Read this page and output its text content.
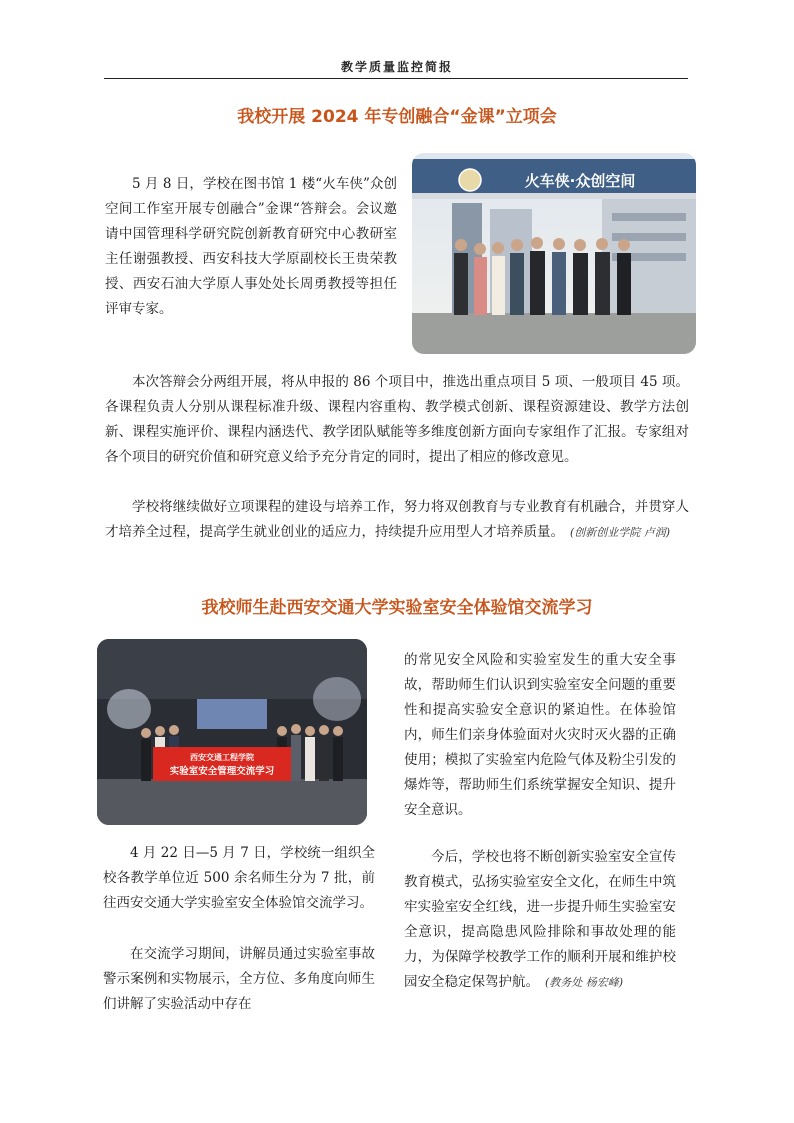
教学质量监控简报
我校开展 2024 年专创融合“金课”立项会

5 月 8 日，学校在图书馆 1 楼“火车侠”众创空间工作室开展专创融合”金课“答辩会。会议邀请中国管理科学研究院创新教育研究中心教研室主任谢强教授、西安科技大学原副校长王贵荣教授、西安石油大学原人事处处长周勇教授等担任评审专家。

火车侠·众创空间

本次答辩会分两组开展，将从申报的 86 个项目中，推选出重点项目 5 项、一般项目 45 项。各课程负责人分别从课程标准升级、课程内容重构、教学模式创新、课程资源建设、教学方法创新、课程实施评价、课程内涵迭代、教学团队赋能等多维度创新方面向专家组作了汇报。专家组对各个项目的研究价值和研究意义给予充分肯定的同时，提出了相应的修改意见。

学校将继续做好立项课程的建设与培养工作，努力将双创教育与专业教育有机融合，并贯穿人才培养全过程，提高学生就业创业的适应力，持续提升应用型人才培养质量。 (创新创业学院 卢润)

我校师生赴西安交通大学实验室安全体验馆交流学习
西安交通工程学院
实验室安全管理交流学习

4 月 22 日—5 月 7 日，学校统一组织全校各教学单位近 500 余名师生分为 7 批，前往西安交通大学实验室安全体验馆交流学习。

在交流学习期间，讲解员通过实验室事故警示案例和实物展示，全方位、多角度向师生们讲解了实验活动中存在

的常见安全风险和实验室发生的重大安全事故，帮助师生们认识到实验室安全问题的重要性和提高实验安全意识的紧迫性。在体验馆内，师生们亲身体验面对火灾时灭火器的正确使用；模拟了实验室内危险气体及粉尘引发的爆炸等，帮助师生们系统掌握安全知识、提升安全意识。

今后，学校也将不断创新实验室安全宣传教育模式，弘扬实验室安全文化，在师生中筑牢实验室安全红线，进一步提升师生实验室安全意识，提高隐患风险排除和事故处理的能力，为保障学校教学工作的顺利开展和维护校园安全稳定保驾护航。 (教务处 杨宏峰)
